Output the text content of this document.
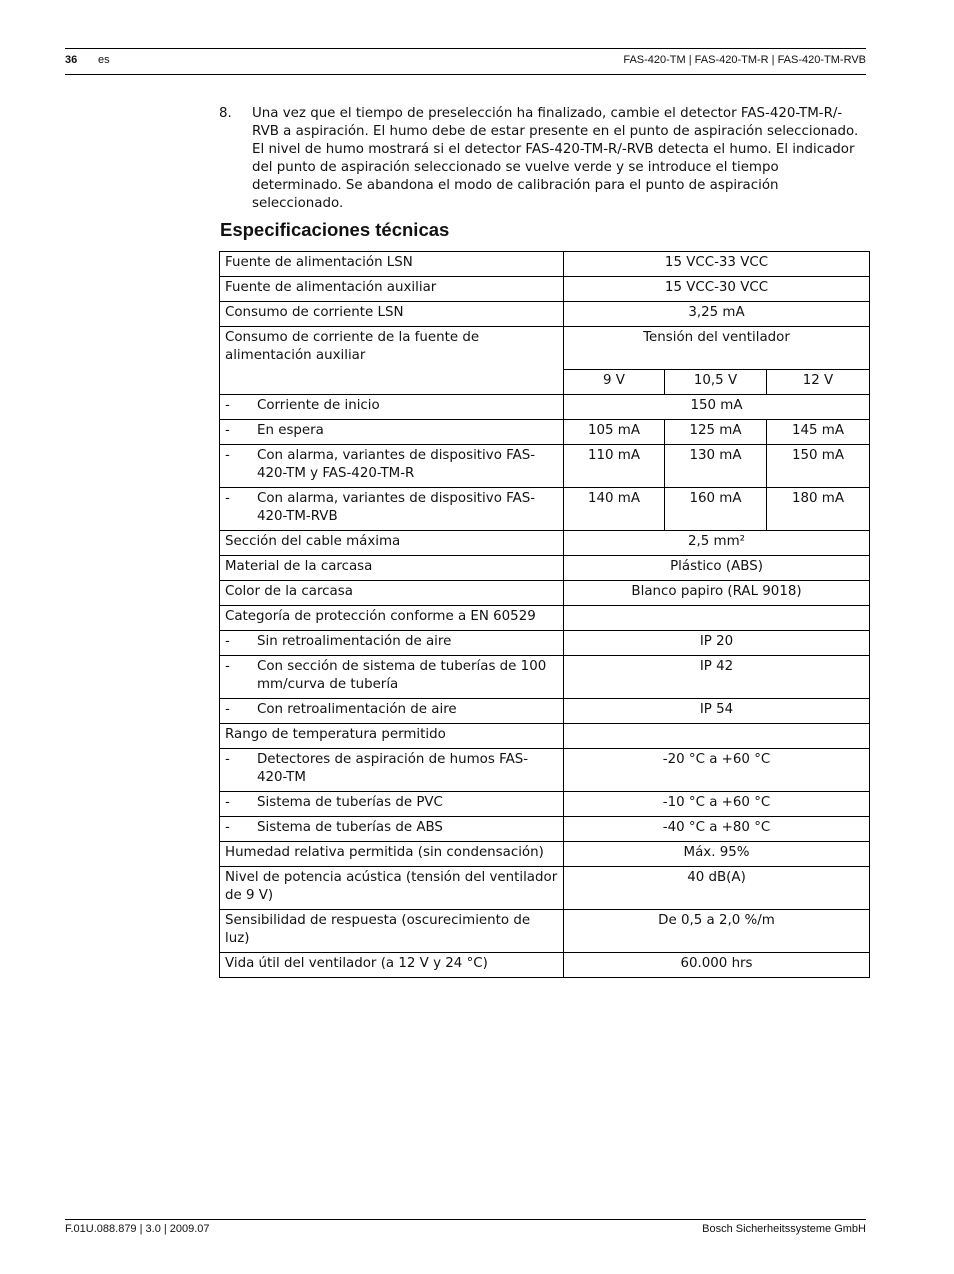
36 es	FAS-420-TM | FAS-420-TM-R | FAS-420-TM-RVB
8. Una vez que el tiempo de preselección ha finalizado, cambie el detector FAS-420-TM-R/-RVB a aspiración. El humo debe de estar presente en el punto de aspiración seleccionado. El nivel de humo mostrará si el detector FAS-420-TM-R/-RVB detecta el humo. El indicador del punto de aspiración seleccionado se vuelve verde y se introduce el tiempo determinado. Se abandona el modo de calibración para el punto de aspiración seleccionado.
Especificaciones técnicas
Fuente de alimentación LSN	15 VCC-33 VCC		
Fuente de alimentación auxiliar	15 VCC-30 VCC		
Consumo de corriente LSN	3,25 mA		
Consumo de corriente de la fuente de alimentación auxiliar	Tensión del ventilador		
	9 V	10,5 V	12 V
- Corriente de inicio	150 mA		
- En espera	105 mA	125 mA	145 mA
- Con alarma, variantes de dispositivo FAS-420-TM y FAS-420-TM-R	110 mA	130 mA	150 mA
- Con alarma, variantes de dispositivo FAS-420-TM-RVB	140 mA	160 mA	180 mA
Sección del cable máxima	2,5 mm²		
Material de la carcasa	Plástico (ABS)		
Color de la carcasa	Blanco papiro (RAL 9018)		
Categoría de protección conforme a EN 60529			
- Sin retroalimentación de aire	IP 20		
- Con sección de sistema de tuberías de 100 mm/curva de tubería	IP 42		
- Con retroalimentación de aire	IP 54		
Rango de temperatura permitido			
- Detectores de aspiración de humos FAS-420-TM	-20 °C a +60 °C		
- Sistema de tuberías de PVC	-10 °C a +60 °C		
- Sistema de tuberías de ABS	-40 °C a +80 °C		
Humedad relativa permitida (sin condensación)	Máx. 95%		
Nivel de potencia acústica (tensión del ventilador de 9 V)	40 dB(A)		
Sensibilidad de respuesta (oscurecimiento de luz)	De 0,5 a 2,0 %/m		
Vida útil del ventilador (a 12 V y 24 °C)	60.000 hrs		
F.01U.088.879 | 3.0 | 2009.07	Bosch Sicherheitssysteme GmbH
